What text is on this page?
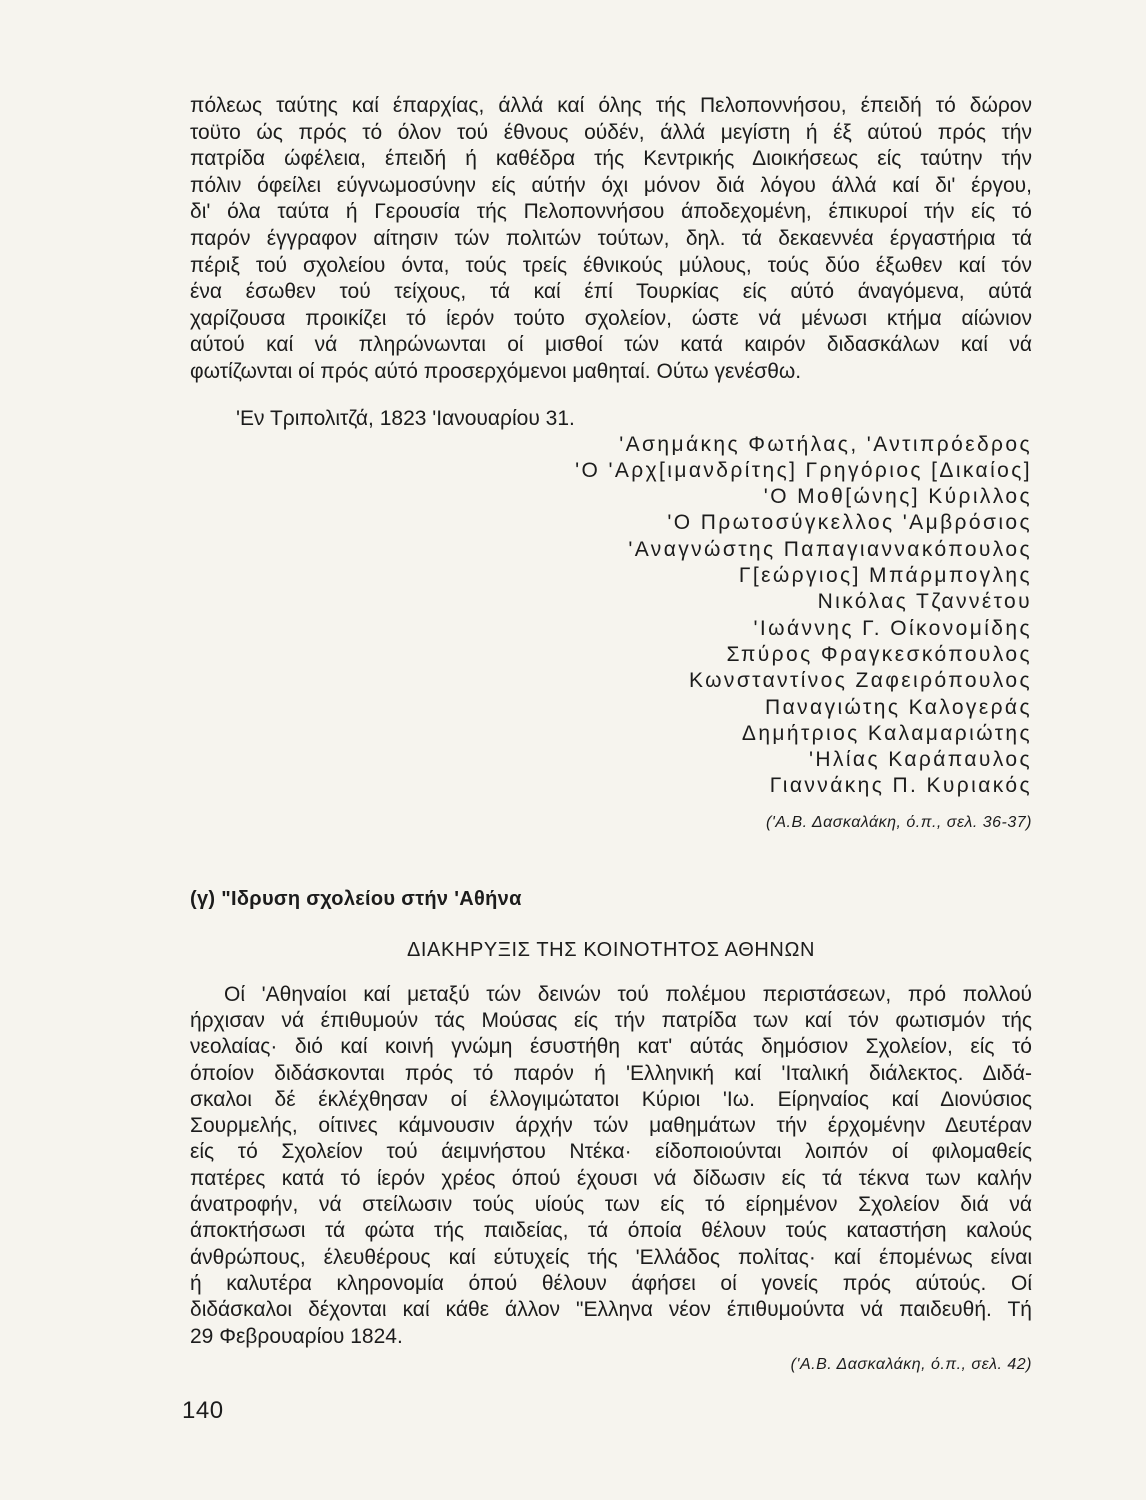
πόλεως ταύτης καί έπαρχίας, άλλά καί όλης τής Πελοποννήσου, έπειδή τό δώρον
τοϋτο ώς πρός τό όλον τού έθνους ούδέν, άλλά μεγίστη ή έξ αύτού πρός τήν
πατρίδα ώφέλεια, έπειδή ή καθέδρα τής Κεντρικής Διοικήσεως είς ταύτην τήν
πόλιν όφείλει εύγνωμοσύνην είς αύτήν όχι μόνον διά λόγου άλλά καί δι' έργου,
δι' όλα ταύτα ή Γερουσία τής Πελοποννήσου άποδεχομένη, έπικυροί τήν είς τό
παρόν έγγραφον αίτησιν τών πολιτών τούτων, δηλ. τά δεκαεννέα έργαστήρια τά
πέριξ τού σχολείου όντα, τούς τρείς έθνικούς μύλους, τούς δύο έξωθεν καί τόν
ένα έσωθεν τού τείχους, τά καί έπί Τουρκίας είς αύτό άναγόμενα, αύτά
χαρίζουσα προικίζει τό ίερόν τούτο σχολείον, ώστε νά μένωσι κτήμα αίώνιον
αύτού καί νά πληρώνωνται οί μισθοί τών κατά καιρόν διδασκάλων καί νά
φωτίζωνται οί πρός αύτό προσερχόμενοι μαθηταί. Ούτω γενέσθω.
'Εν Τριπολιτζά, 1823 'Ιανουαρίου 31.
'Ασημάκης Φωτήλας, 'Αντιπρόεδρος
'Ο 'Αρχ[ιμανδρίτης] Γρηγόριος [Δικαίος]
'Ο Μοθ[ώνης] Κύριλλος
'Ο Πρωτοσύγκελλος 'Αμβρόσιος
'Αναγνώστης Παπαγιαννακόπουλος
Γ[εώργιος] Μπάρμπογλης
Νικόλας Τζαννέτου
'Ιωάννης Γ. Οίκονομίδης
Σπύρος Φραγκεσκόπουλος
Κωνσταντίνος Ζαφειρόπουλος
Παναγιώτης Καλογεράς
Δημήτριος Καλαμαριώτης
'Ηλίας Καράπαυλος
Γιαννάκης Π. Κυριακός
('Α.Β. Δασκαλάκη, ό.π., σελ. 36-37)
(γ) "Ιδρυση σχολείου στήν 'Αθήνα
ΔΙΑΚΗΡΥΞΙΣ ΤΗΣ ΚΟΙΝΟΤΗΤΟΣ ΑΘΗΝΩΝ
Οί 'Αθηναίοι καί μεταξύ τών δεινών τού πολέμου περιστάσεων, πρό πολλού
ήρχισαν νά έπιθυμούν τάς Μούσας είς τήν πατρίδα των καί τόν φωτισμόν τής
νεολαίας· διό καί κοινή γνώμη έσυστήθη κατ' αύτάς δημόσιον Σχολείον, είς τό
όποίον διδάσκονται πρός τό παρόν ή 'Ελληνική καί 'Ιταλική διάλεκτος. Διδά-
σκαλοι δέ έκλέχθησαν οί έλλογιμώτατοι Κύριοι 'Ιω. Είρηναίος καί Διονύσιος
Σουρμελής, οίτινες κάμνουσιν άρχήν τών μαθημάτων τήν έρχομένην Δευτέραν
είς τό Σχολείον τού άειμνήστου Ντέκα· είδοποιούνται λοιπόν οί φιλομαθείς
πατέρες κατά τό ίερόν χρέος όπού έχουσι νά δίδωσιν είς τά τέκνα των καλήν
άνατροφήν, νά στείλωσιν τούς υίούς των είς τό είρημένον Σχολείον διά νά
άποκτήσωσι τά φώτα τής παιδείας, τά όποία θέλουν τούς καταστήση καλούς
άνθρώπους, έλευθέρους καί εύτυχείς τής 'Ελλάδος πολίτας· καί έπομένως είναι
ή καλυτέρα κληρονομία όπού θέλουν άφήσει οί γονείς πρός αύτούς. Οί
διδάσκαλοι δέχονται καί κάθε άλλον "Ελληνα νέον έπιθυμούντα νά παιδευθή. Τή
29 Φεβρουαρίου 1824.
('Α.Β. Δασκαλάκη, ό.π., σελ. 42)
140
